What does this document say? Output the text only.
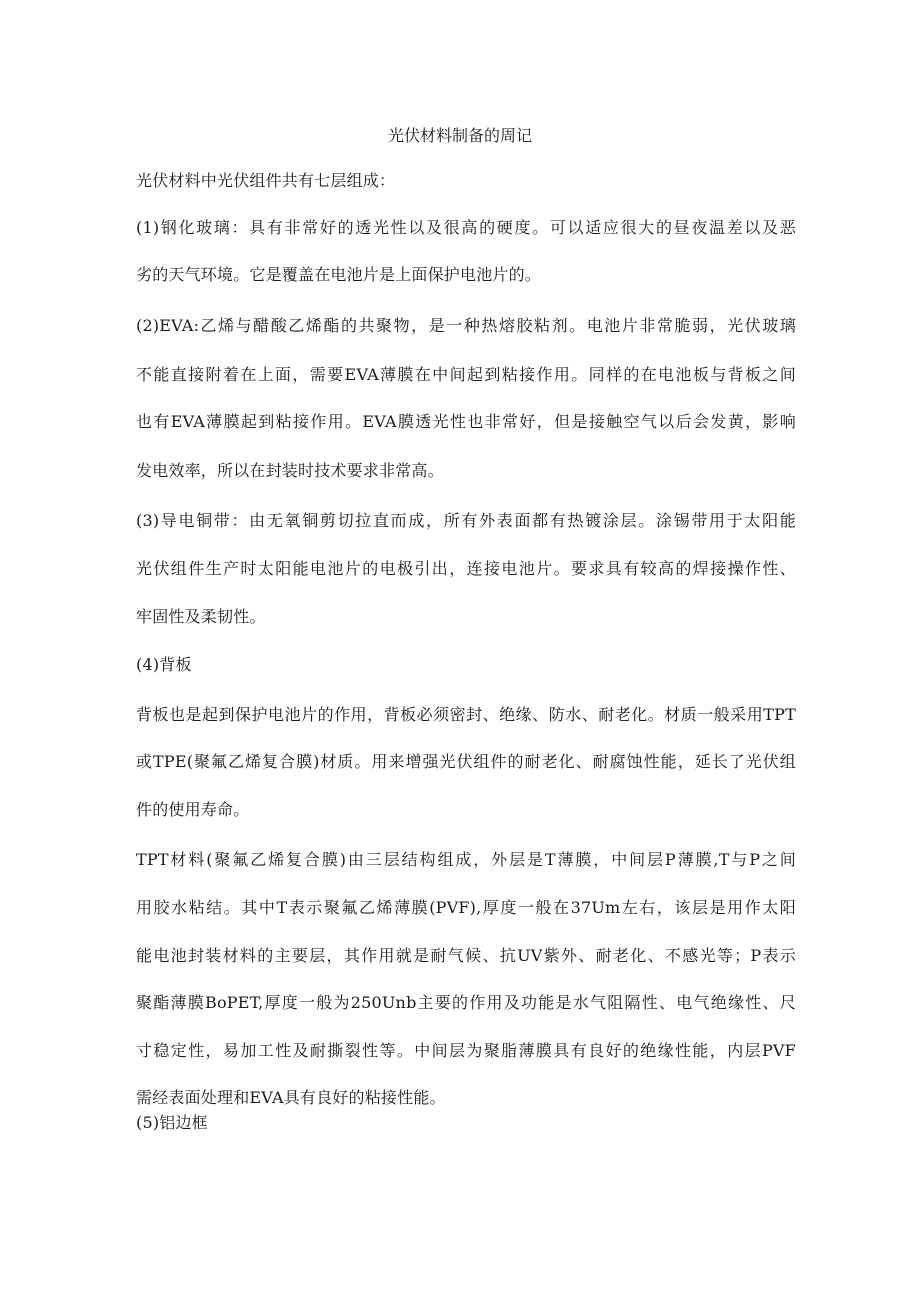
光伏材料制备的周记
光伏材料中光伏组件共有七层组成：
(1)钢化玻璃：具有非常好的透光性以及很高的硬度。可以适应很大的昼夜温差以及恶
劣的天气环境。它是覆盖在电池片是上面保护电池片的。
(2)EVA:乙烯与醋酸乙烯酯的共聚物，是一种热熔胶粘剂。电池片非常脆弱，光伏玻璃
不能直接附着在上面，需要EVA薄膜在中间起到粘接作用。同样的在电池板与背板之间
也有EVA薄膜起到粘接作用。EVA膜透光性也非常好，但是接触空气以后会发黄，影响
发电效率，所以在封装时技术要求非常高。
(3)导电铜带：由无氧铜剪切拉直而成，所有外表面都有热镀涂层。涂锡带用于太阳能
光伏组件生产时太阳能电池片的电极引出，连接电池片。要求具有较高的焊接操作性、
牢固性及柔韧性。
(4)背板
背板也是起到保护电池片的作用，背板必须密封、绝缘、防水、耐老化。材质一般采用TPT
或TPE(聚氟乙烯复合膜)材质。用来增强光伏组件的耐老化、耐腐蚀性能，延长了光伏组
件的使用寿命。
TPT材料(聚氟乙烯复合膜)由三层结构组成，外层是T薄膜，中间层P薄膜,T与P之间
用胶水粘结。其中T表示聚氟乙烯薄膜(PVF),厚度一般在37Um左右，该层是用作太阳
能电池封装材料的主要层，其作用就是耐气候、抗UV紫外、耐老化、不感光等；P表示
聚酯薄膜BoPET,厚度一般为250Unb主要的作用及功能是水气阻隔性、电气绝缘性、尺
寸稳定性，易加工性及耐撕裂性等。中间层为聚脂薄膜具有良好的绝缘性能，内层PVF
需经表面处理和EVA具有良好的粘接性能。
(5)铝边框
